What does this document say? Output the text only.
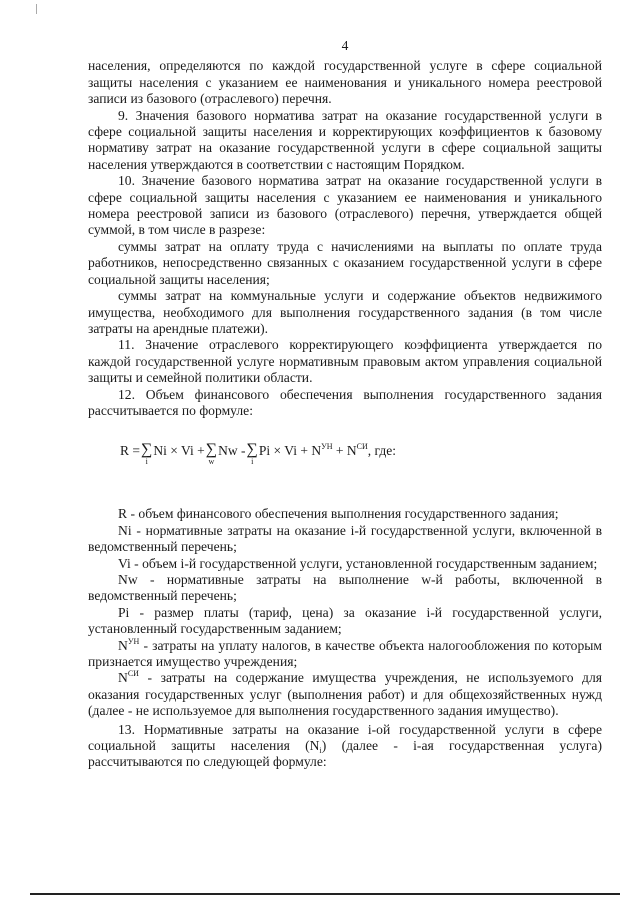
4

населения, определяются по каждой государственной услуге в сфере социальной защиты населения с указанием ее наименования и уникального номера реестровой записи из базового (отраслевого) перечня.

9. Значения базового норматива затрат на оказание государственной услуги в сфере социальной защиты населения и корректирующих коэффициентов к базовому нормативу затрат на оказание государственной услуги в сфере социальной защиты населения утверждаются в соответствии с настоящим Порядком.

10. Значение базового норматива затрат на оказание государственной услуги в сфере социальной защиты населения с указанием ее наименования и уникального номера реестровой записи из базового (отраслевого) перечня, утверждается общей суммой, в том числе в разрезе:

суммы затрат на оплату труда с начислениями на выплаты по оплате труда работников, непосредственно связанных с оказанием государственной услуги в сфере социальной защиты населения;

суммы затрат на коммунальные услуги и содержание объектов недвижимого имущества, необходимого для выполнения государственного задания (в том числе затраты на арендные платежи).

11. Значение отраслевого корректирующего коэффициента утверждается по каждой государственной услуге нормативным правовым актом управления социальной защиты и семейной политики области.

12. Объем финансового обеспечения выполнения государственного задания рассчитывается по формуле:

R = ∑
i
Ni × Vi + ∑
w
Nw - ∑
i
$Pi \times Vi + N^{УН} + N^{СИ}$, где:

R - объем финансового обеспечения выполнения государственного задания;

Ni - нормативные затраты на оказание i-й государственной услуги, включенной в ведомственный перечень;

Vi - объем i-й государственной услуги, установленной государственным заданием;

Nw - нормативные затраты на выполнение w-й работы, включенной в ведомственный перечень;

Pi - размер платы (тариф, цена) за оказание i-й государственной услуги, установленный государственным заданием;

$N^{УН}$ - затраты на уплату налогов, в качестве объекта налогообложения по которым признается имущество учреждения;

$N^{СИ}$ - затраты на содержание имущества учреждения, не используемого для оказания государственных услуг (выполнения работ) и для общехозяйственных нужд (далее - не используемое для выполнения государственного задания имущество).

13. Нормативные затраты на оказание i-ой государственной услуги в сфере социальной защиты населения $(N_i)$ (далее - i-ая государственная услуга) рассчитываются по следующей формуле:
